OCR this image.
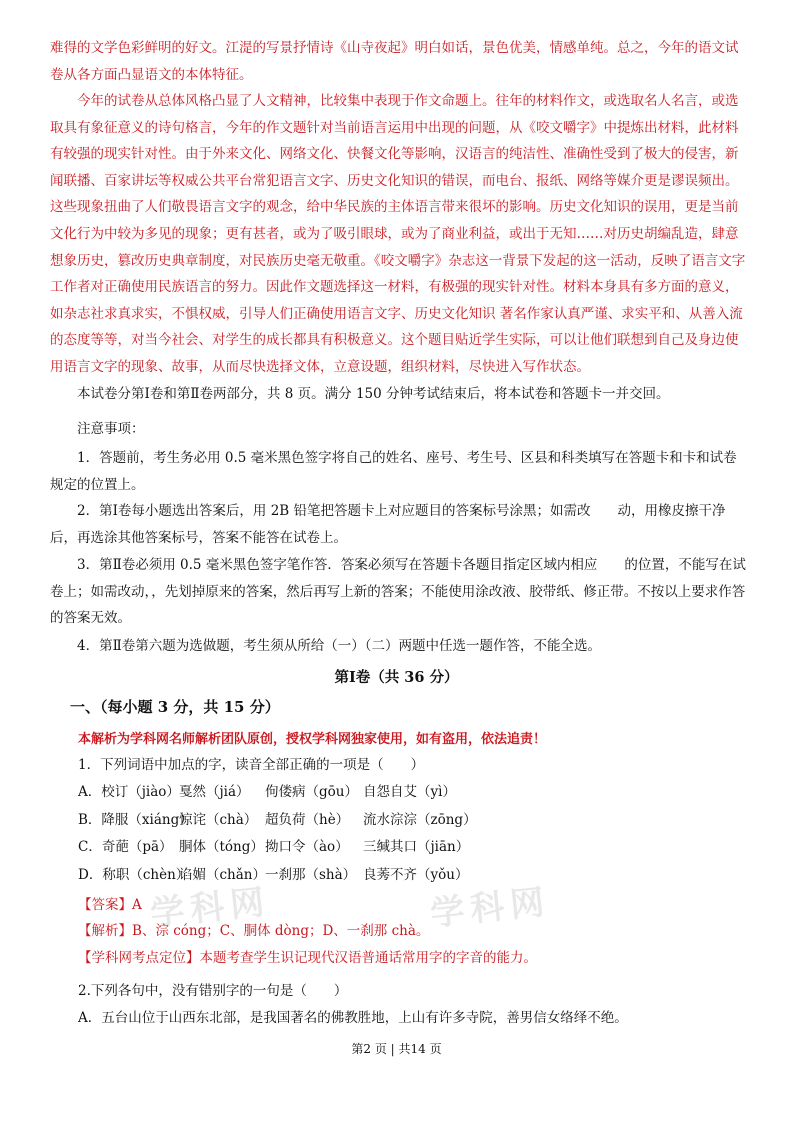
难得的文学色彩鲜明的好文。江湜的写景抒情诗《山寺夜起》明白如话，景色优美，情感单纯。总之，今年的语文试卷从各方面凸显语文的本体特征。

今年的试卷从总体风格凸显了人文精神，比较集中表现于作文命题上。往年的材料作文，或选取名人名言，或选取具有象征意义的诗句格言，今年的作文题针对当前语言运用中出现的问题，从《咬文嚼字》中提炼出材料，此材料有较强的现实针对性。由于外来文化、网络文化、快餐文化等影响，汉语言的纯洁性、准确性受到了极大的侵害，新闻联播、百家讲坛等权威公共平台常犯语言文字、历史文化知识的错误，而电台、报纸、网络等媒介更是谬误频出。这些现象扭曲了人们敬畏语言文字的观念，给中华民族的主体语言带来很坏的影响。历史文化知识的误用，更是当前文化行为中较为多见的现象；更有甚者，或为了吸引眼球，或为了商业利益，或出于无知……对历史胡编乱造，肆意想象历史，篡改历史典章制度，对民族历史毫无敬重。《咬文嚼字》杂志这一背景下发起的这一活动，反映了语言文字工作者对正确使用民族语言的努力。因此作文题选择这一材料，有极强的现实针对性。材料本身具有多方面的意义，如杂志社求真求实，不惧权威，引导人们正确使用语言文字、历史文化知识 著名作家认真严谨、求实平和、从善入流的态度等等，对当今社会、对学生的成长都具有积极意义。这个题目贴近学生实际，可以让他们联想到自己及身边使用语言文字的现象、故事，从而尽快选择文体，立意设题，组织材料，尽快进入写作状态。

本试卷分第Ⅰ卷和第Ⅱ卷两部分，共 8 页。满分 150 分钟考试结束后，将本试卷和答题卡一并交回。

注意事项：

1．答题前，考生务必用 0.5 毫米黑色签字将自己的姓名、座号、考生号、区县和科类填写在答题卡和卡和试卷规定的位置上。

2．第Ⅰ卷每小题选出答案后，用 2B 铅笔把答题卡上对应题目的答案标号涂黑；如需改　　动，用橡皮擦干净后，再选涂其他答案标号，答案不能答在试卷上。

3．第Ⅱ卷必须用 0.5 毫米黑色签字笔作答．答案必须写在答题卡各题目指定区域内相应　　的位置，不能写在试卷上；如需改动，，先划掉原来的答案，然后再写上新的答案；不能使用涂改液、胶带纸、修正带。不按以上要求作答的答案无效。

4．第Ⅱ卷第六题为选做题，考生须从所给（一）（二）两题中任选一题作答，不能全选。

第Ⅰ卷（共 36 分）
一、（每小题 3 分，共 15 分）
本解析为学科网名师解析团队原创，授权学科网独家使用，如有盗用，依法追责！
1．下列词语中加点的字，读音全部正确的一项是（　　）
A．校订（jiào）戛然（jiá） 佝偻病（gōu） 自怨自艾（yì）
B．降服（xiáng）惊诧（chà） 超负荷（hè） 流水淙淙（zōng）
C．奇葩（pā） 胴体（tóng）拗口令（ào） 三缄其口（jiān）
D．称职（chèn）谄媚（chǎn）一刹那（shà） 良莠不齐（yǒu）
学科网	学科网
【答案】A
【解析】B、淙 cóng；C、胴体 dòng；D、一刹那 chà。
【学科网考点定位】本题考查学生识记现代汉语普通话常用字的字音的能力。
2.下列各句中，没有错别字的一句是（　　）
A．五台山位于山西东北部，是我国著名的佛教胜地，上山有许多寺院，善男信女络绎不绝。
第2 页 | 共14 页
